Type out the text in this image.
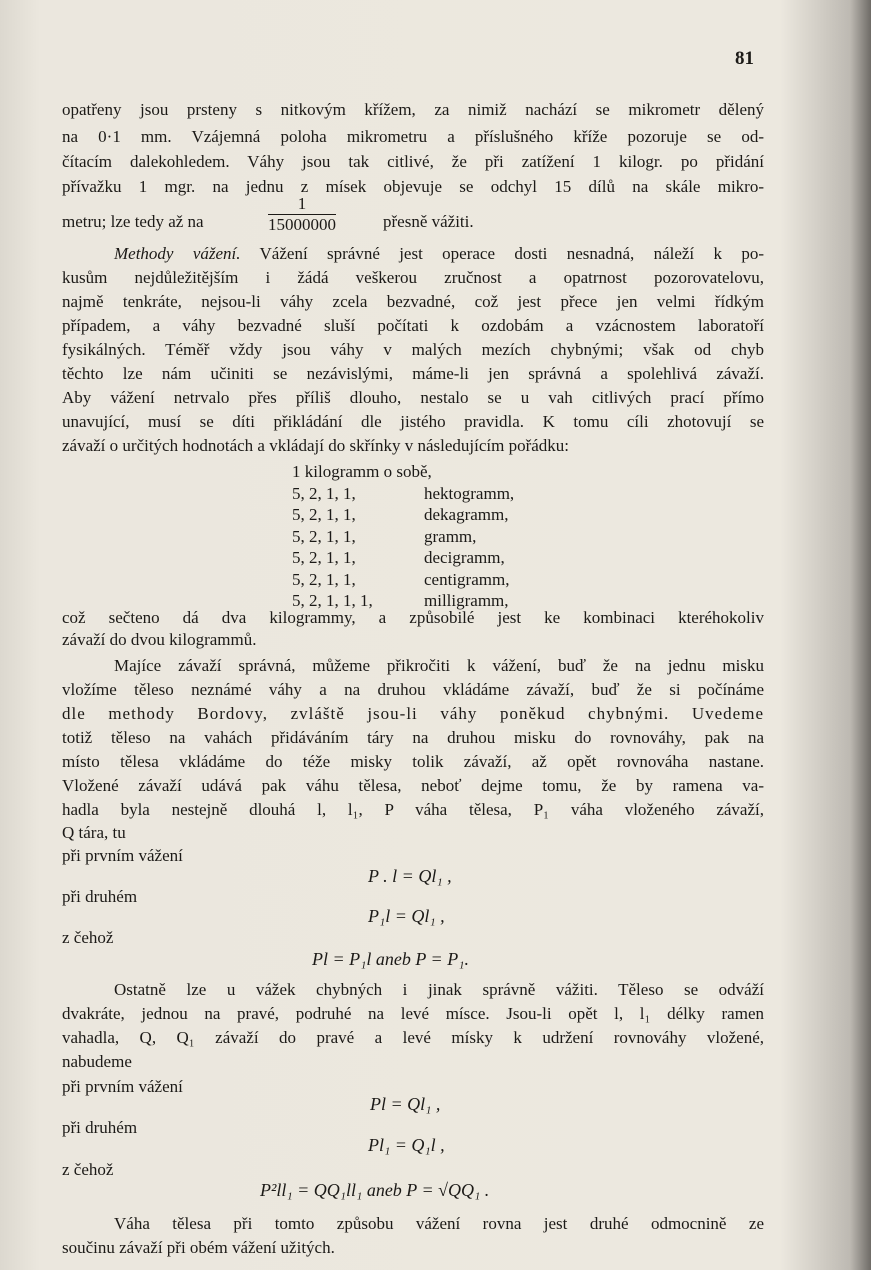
81
opatřeny jsou prsteny s nitkovým křížem, za nimiž nachází se mikrometr dělený
na 0·1 mm. Vzájemná poloha mikrometru a příslušného kříže pozoruje se od-
čítacím dalekohledem. Váhy jsou tak citlivé, že při zatížení 1 kilogr. po přidání
přívažku 1 mgr. na jednu z mísek objevuje se odchyl 15 dílů na skále mikro-
metru; lze tedy až na	$\frac{1}{15000000}$	přesně vážiti.
Methody vážení. Vážení správné jest operace dosti nesnadná, náleží k po-
kusům nejdůležitějším i žádá veškerou zručnost a opatrnost pozorovatelovu,
najmě tenkráte, nejsou-li váhy zcela bezvadné, což jest přece jen velmi řídkým
případem, a váhy bezvadné sluší počítati k ozdobám a vzácnostem laboratoří
fysikálných. Téměř vždy jsou váhy v malých mezích chybnými; však od chyb
těchto lze nám učiniti se nezávislými, máme-li jen správná a spolehlivá závaží.
Aby vážení netrvalo přes příliš dlouho, nestalo se u vah citlivých prací přímo
unavující, musí se díti přikládání dle jistého pravidla. K tomu cíli zhotovují se
závaží o určitých hodnotách a vkládají do skřínky v následujícím pořádku:
1 kilogramm o sobě,
5, 2, 1, 1,	hektogramm,
5, 2, 1, 1,	dekagramm,
5, 2, 1, 1,	gramm,
5, 2, 1, 1,	decigramm,
5, 2, 1, 1,	centigramm,
5, 2, 1, 1, 1,	milligramm,
což sečteno dá dva kilogrammy, a způsobilé jest ke kombinaci kteréhokoliv
závaží do dvou kilogrammů.
Majíce závaží správná, můžeme přikročiti k vážení, buď že na jednu misku
vložíme těleso neznámé váhy a na druhou vkládáme závaží, buď že si počínáme
dle methody Bordovy, zvláště jsou-li váhy poněkud chybnými. Uvedeme
totiž těleso na vahách přidáváním táry na druhou misku do rovnováhy, pak na
místo tělesa vkládáme do téže misky tolik závaží, až opět rovnováha nastane.
Vložené závaží udává pak váhu tělesa, neboť dejme tomu, že by ramena va-
hadla byla nestejně dlouhá l, l₁, P váha tělesa, P₁ váha vloženého závaží,
Q tára, tu
při prvním vážení
P . l = Ql₁ ,
při druhém
P₁l = Ql₁ ,
z čehož
Pl = P₁l aneb P = P₁.
Ostatně lze u vážek chybných i jinak správně vážiti. Těleso se odváží
dvakráte, jednou na pravé, podruhé na levé mísce. Jsou-li opět l, l₁ délky ramen
vahadla, Q, Q₁ závaží do pravé a levé mísky k udržení rovnováhy vložené,
nabudeme
při prvním vážení
Pl = Ql₁ ,
při druhém
Pl₁ = Q₁l ,
z čehož
P²ll₁ = QQ₁ll₁ aneb P = √QQ₁ .
Váha tělesa při tomto způsobu vážení rovna jest druhé odmocnině ze
součinu závaží při obém vážení užitých.
